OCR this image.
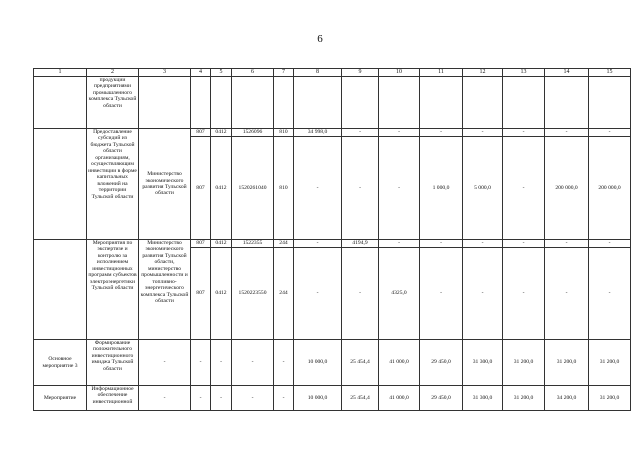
6
1	2	3	4	5	6	7	8	9	10	11	12	13	14	15
	продукции предприятиями промышленного комплекса Тульской области													
	Предоставление субсидий из бюджета Тульской области организациям, осуществляющим инвестиции в форме капитальных вложений на территории Тульской области	Министерство экономического развития Тульской области	807	0412	1526096	810	34 998,0	-	-	-	-	-	-	-
			807	0412	1520261040	810	-	-	-	1 000,0	5 000,0	-	200 000,0	200 000,0
	Мероприятия по экспертизе и контролю за исполнением инвестиционных программ субъектов электроэнергетики Тульской области	Министерство экономического развития Тульской области, министерство промышленности и топливно-энергетического комплекса Тульской области	807	0412	1522355	244	-	4194,9	-	-	-	-	-	-
			807	0412	1520223550	244	-	-	4325,0	-	-	-	-	-
Основное мероприятие 3	Формирование положительного инвестиционного имиджа Тульской области	-	-	-	-	-	10 000,0	25 454,4	41 000,0	29 450,0	31 300,0	31 200,0	31 200,0	31 200,0
Мероприятие	Информационное обеспечение инвестиционной	-	-	-	-	-	10 000,0	25 454,4	41 000,0	29 450,0	31 300,0	31 200,0	34 200,0	31 200,0
